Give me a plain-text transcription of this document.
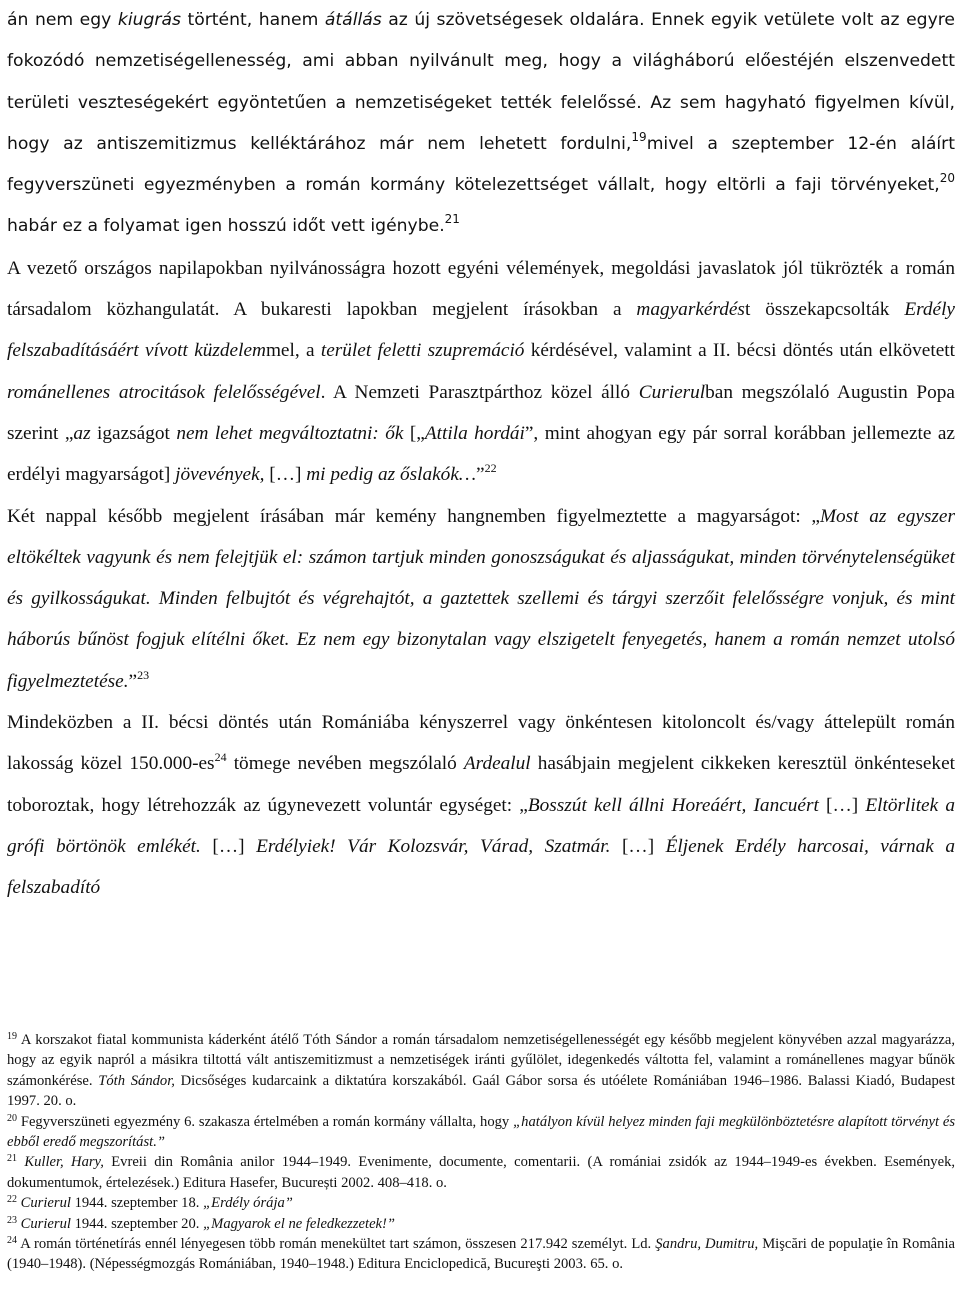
án nem egy kiugrás történt, hanem átállás az új szövetségesek oldalára. Ennek egyik vetülete volt az egyre fokozódó nemzetiségellenesség, ami abban nyilvánult meg, hogy a világháború előestéjén elszenvedett területi veszteségekért egyöntetűen a nemzetiségeket tették felelőssé. Az sem hagyható figyelmen kívül, hogy az antiszemitizmus kelléktárához már nem lehetett fordulni,$^{19}$mivel a szeptember 12-én aláírt fegyverszüneti egyezményben a román kormány kötelezettséget vállalt, hogy eltörli a faji törvényeket,$^{20}$ habár ez a folyamat igen hosszú időt vett igénybe.$^{21}$

A vezető országos napilapokban nyilvánosságra hozott egyéni vélemények, megoldási javaslatok jól tükrözték a román társadalom közhangulatát. A bukaresti lapokban megjelent írásokban a magyarkérdést összekapcsolták Erdély felszabadításáért vívott küzdelemmel, a terület feletti szupremáció kérdésével, valamint a II. bécsi döntés után elkövetett románellenes atrocitások felelősségével. A Nemzeti Parasztpárthoz közel álló Curierulban megszólaló Augustin Popa szerint „az igazságot nem lehet megváltoztatni: ők [„Attila hordái”, mint ahogyan egy pár sorral korábban jellemezte az erdélyi magyarságot] jövevények, […] mi pedig az őslakók…”$^{22}$

Két nappal később megjelent írásában már kemény hangnemben figyelmeztette a magyarságot: „Most az egyszer eltökéltek vagyunk és nem felejtjük el: számon tartjuk minden gonoszságukat és aljasságukat, minden törvénytelenségüket és gyilkosságukat. Minden felbujtót és végrehajtót, a gaztettek szellemi és tárgyi szerzőit felelősségre vonjuk, és mint háborús bűnöst fogjuk elítélni őket. Ez nem egy bizonytalan vagy elszigetelt fenyegetés, hanem a román nemzet utolsó figyelmeztetése.”$^{23}$

Mindeközben a II. bécsi döntés után Romániába kényszerrel vagy önkéntesen kitoloncolt és/vagy áttelepült román lakosság közel $150.000-es^{24}$ tömege nevében megszólaló Ardealul hasábjain megjelent cikkeken keresztül önkénteseket toboroztak, hogy létrehozzák az úgynevezett voluntár egységet: „Bosszút kell állni Horeáért, Iancuért […] Eltörlitek a grófi börtönök emlékét. […] Erdélyiek! Vár Kolozsvár, Várad, Szatmár. […] Éljenek Erdély harcosai, várnak a felszabadító

$^{19}$ A korszakot fiatal kommunista káderként átélő Tóth Sándor a román társadalom nemzetiségellenességét egy később megjelent könyvében azzal magyarázza, hogy az egyik napról a másikra tiltottá vált antiszemitizmust a nemzetiségek iránti gyűlölet, idegenkedés váltotta fel, valamint a románellenes magyar bűnök számonkérése. Tóth Sándor, Dicsőséges kudarcaink a diktatúra korszakából. Gaál Gábor sorsa és utóélete Romániában 1946–1986. Balassi Kiadó, Budapest 1997. 20. o.

$^{20}$ Fegyverszüneti egyezmény 6. szakasza értelmében a román kormány vállalta, hogy „hatályon kívül helyez minden faji megkülönböztetésre alapított törvényt és ebből eredő megszorítást.”

$^{21}$ Kuller, Hary, Evreii din România anilor 1944–1949. Evenimente, documente, comentarii. (A romániai zsidók az 1944–1949-es években. Események, dokumentumok, értelezések.) Editura Hasefer, București 2002. 408–418. o.

$^{22}$ Curierul 1944. szeptember 18. „Erdély órája”

$^{23}$ Curierul 1944. szeptember 20. „Magyarok el ne feledkezzetek!”

$^{24}$ A román történetírás ennél lényegesen több román menekültet tart számon, összesen 217.942 személyt. Ld. Şandru, Dumitru, Mişcări de populaţie în România (1940–1948). (Népességmozgás Romániában, 1940–1948.) Editura Enciclopedică, Bucureşti 2003. 65. o.
